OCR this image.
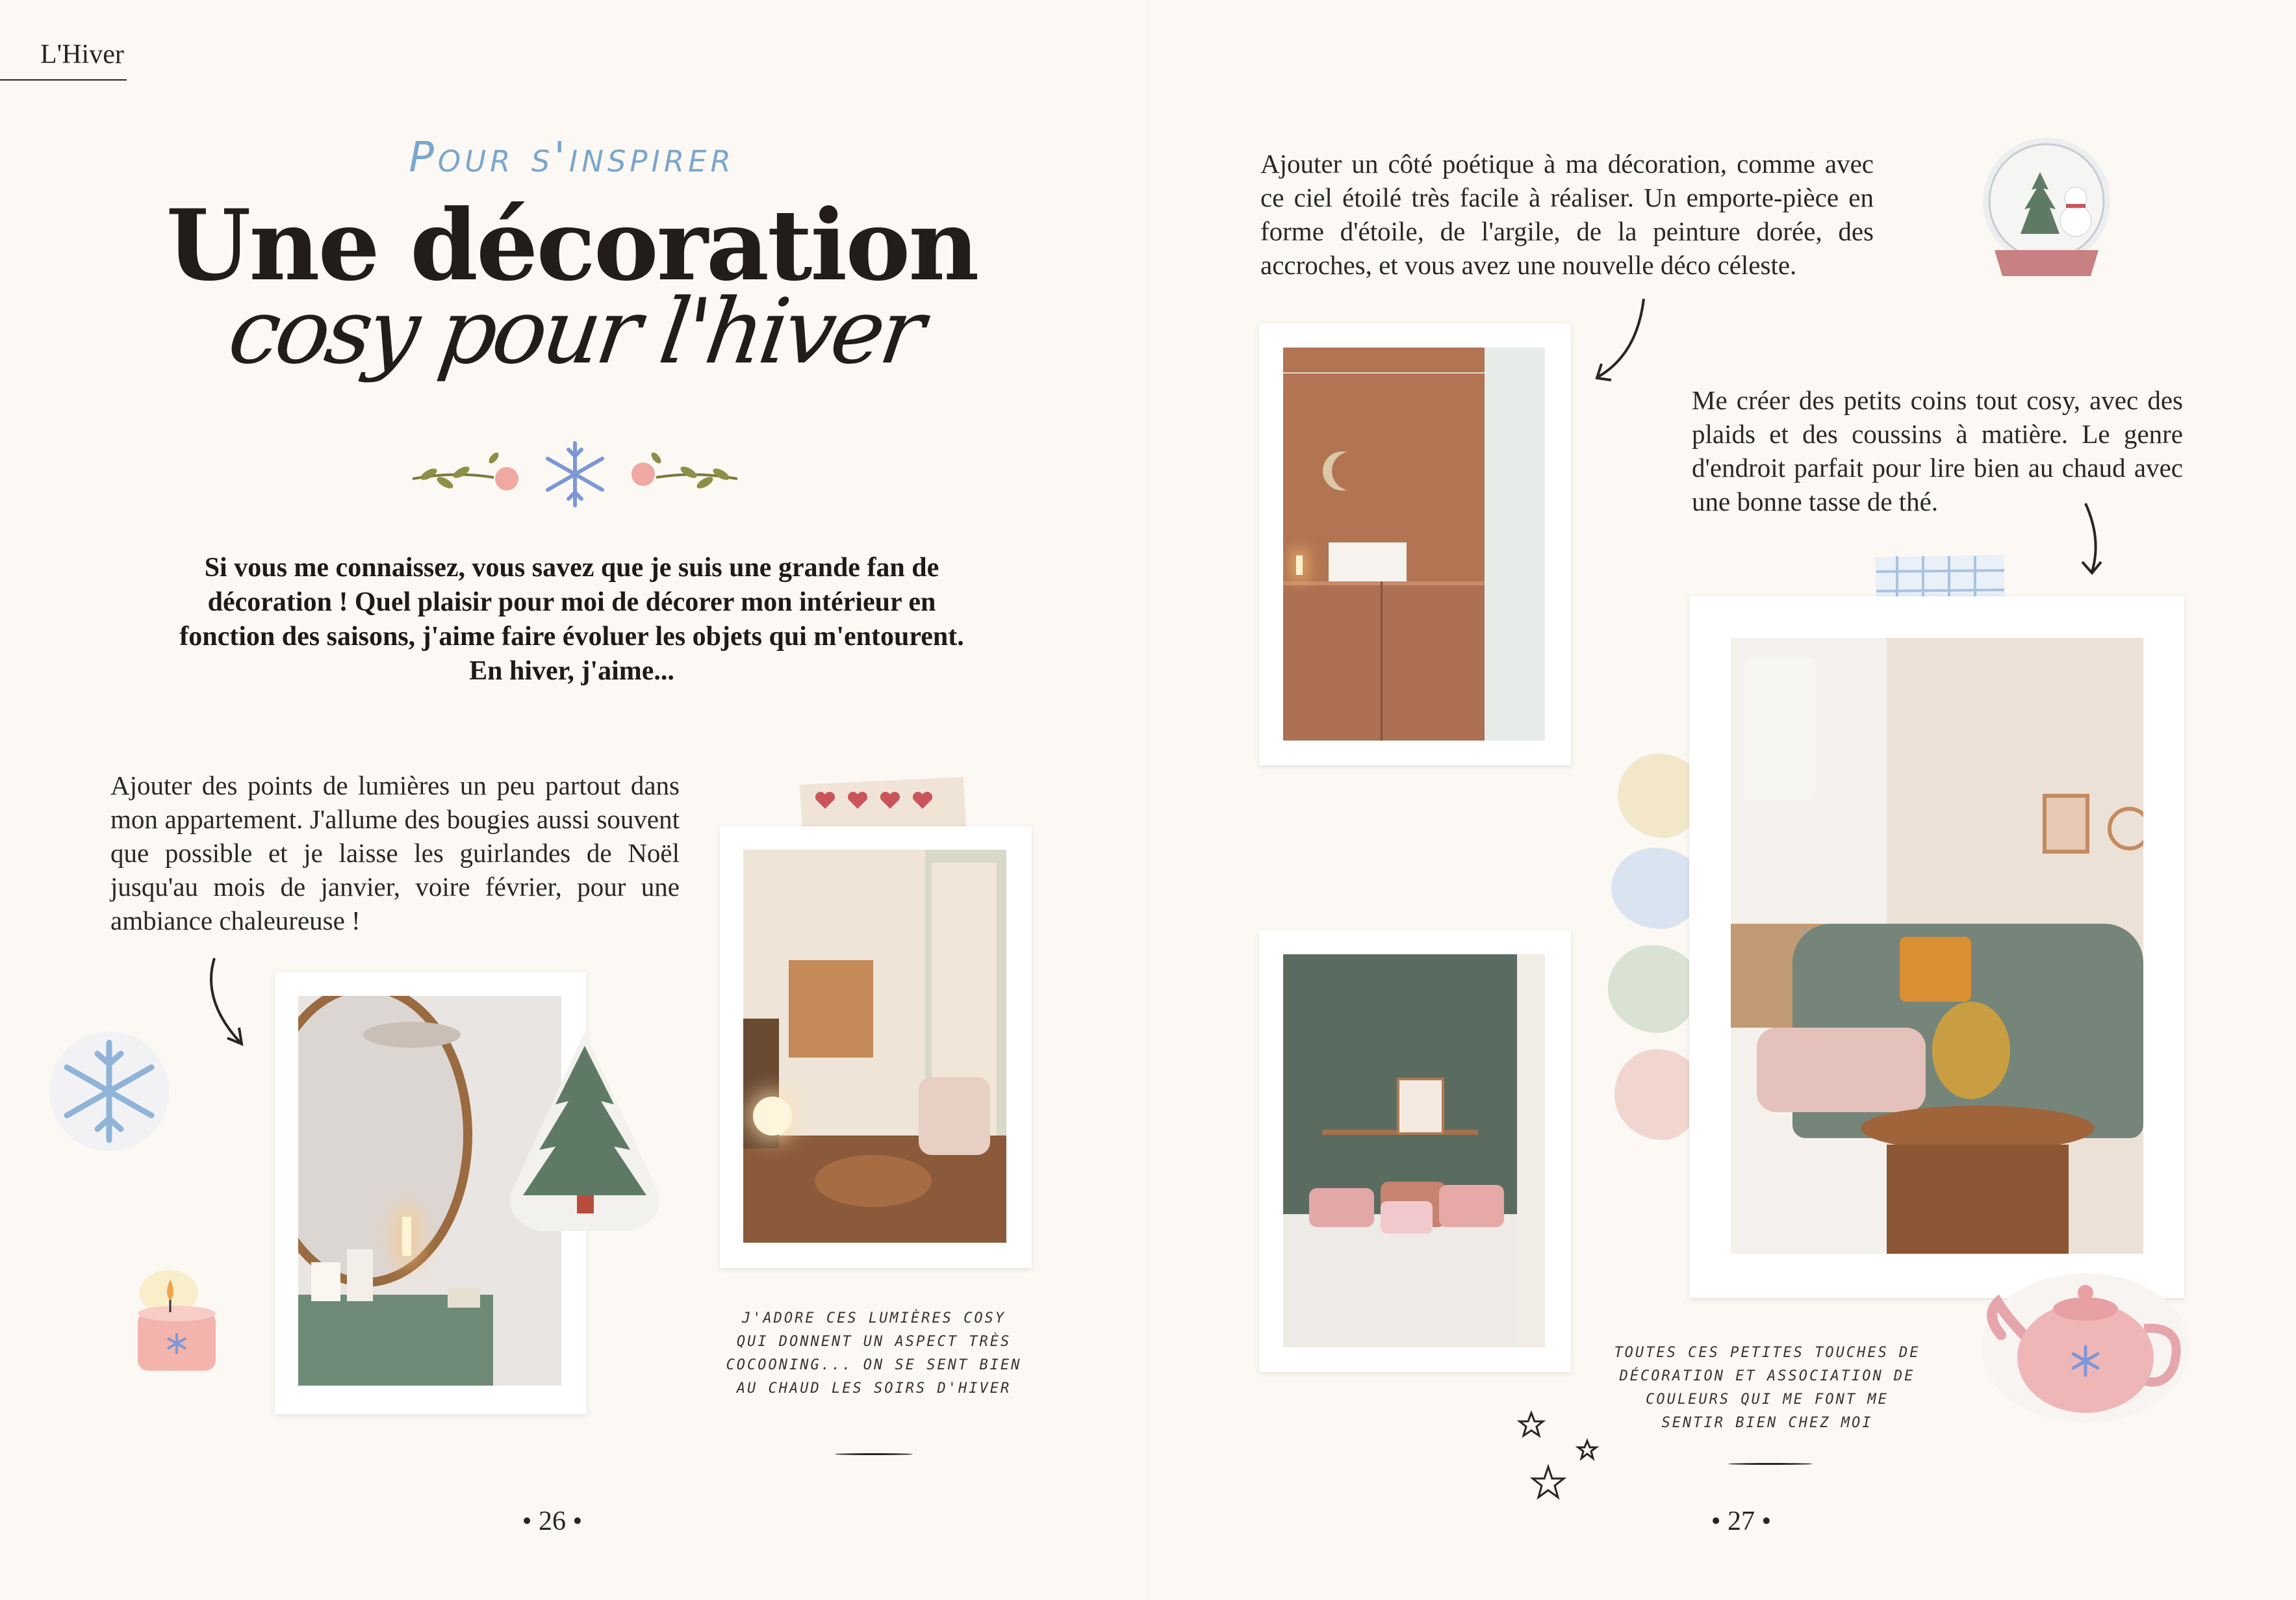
L'Hiver
Pour s'inspirer
Une décoration
cosy pour l'hiver
Si vous me connaissez, vous savez que je suis une grande fan de décoration ! Quel plaisir pour moi de décorer mon intérieur en fonction des saisons, j'aime faire évoluer les objets qui m'entourent. En hiver, j'aime...
Ajouter des points de lumières un peu partout dans mon appartement. J'allume des bougies aussi souvent que possible et je laisse les guirlandes de Noël jusqu'au mois de janvier, voire février, pour une ambiance chaleureuse !
J'ADORE CES LUMIÈRES COSY QUI DONNENT UN ASPECT TRÈS COCOONING... ON SE SENT BIEN AU CHAUD LES SOIRS D'HIVER
• 26 •
Ajouter un côté poétique à ma décoration, comme avec ce ciel étoilé très facile à réaliser. Un emporte-pièce en forme d'étoile, de l'argile, de la peinture dorée, des accroches, et vous avez une nouvelle déco céleste.
Me créer des petits coins tout cosy, avec des plaids et des coussins à matière. Le genre d'endroit parfait pour lire bien au chaud avec une bonne tasse de thé.
TOUTES CES PETITES TOUCHES DE DÉCORATION ET ASSOCIATION DE COULEURS QUI ME FONT ME SENTIR BIEN CHEZ MOI
• 27 •
